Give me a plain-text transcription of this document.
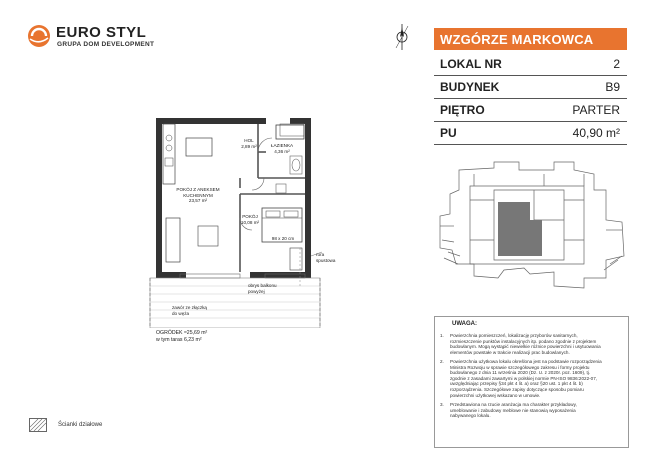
EURO STYL
GRUPA DOM DEVELOPMENT	WZGÓRZE MARKOWCA
LOKAL NR	2
BUDYNEK	B9
PIĘTRO	PARTER
PU	40,90 m²
HOL
2,89 m²	ŁAZIENKA
4,36 m²
POKÓJ Z ANEKSEM
KUCHENNYM
23,57 m²
POKÓJ
10,08 m²
98 x 20 cm
rura spustowa
obrys balkonu
powyżej
zawór ze złączką
do węża
OGRÓDEK ≈25,69 m²
w tym taras 6,23 m²
UWAGA:
1. Powierzchnia pomieszczeń, lokalizację przyborów sanitarnych,
rozmieszczenie punktów instalacyjnych itp. podano zgodnie z projektem
budowlanym. Mogą wystąpić niewielkie różnice powierzchni i usytuowania
elementów powstałe w trakcie realizacji prac budowlanych.
2. Powierzchnia użytkowa lokalu określona jest na podstawie rozporządzenia
Ministra Rozwoju w sprawie szczegółowego zakresu i formy projektu
budowlanego z dnia 11 września 2020 (Dz. U. z 2020r. poz. 1609), tj.
zgodnie z zasadami zawartymi w polskiej normie PN-ISO 9836:2022-07,
uwzględniając przepisy §34 pkt 4 lit. a) oraz §20 ust. 1 pkt 4 lit. b)
rozporządzenia. Szczegółowe zapisy dotyczące sposobu pomiaru
powierzchni użytkowej wskazano w umowie.
3. Przedstawiona na rzucie aranżacja ma charakter przykładowy,
umeblowanie i zabudowy meblowe nie stanowią wyposażenia
nabywanego lokalu.
Ścianki działowe
